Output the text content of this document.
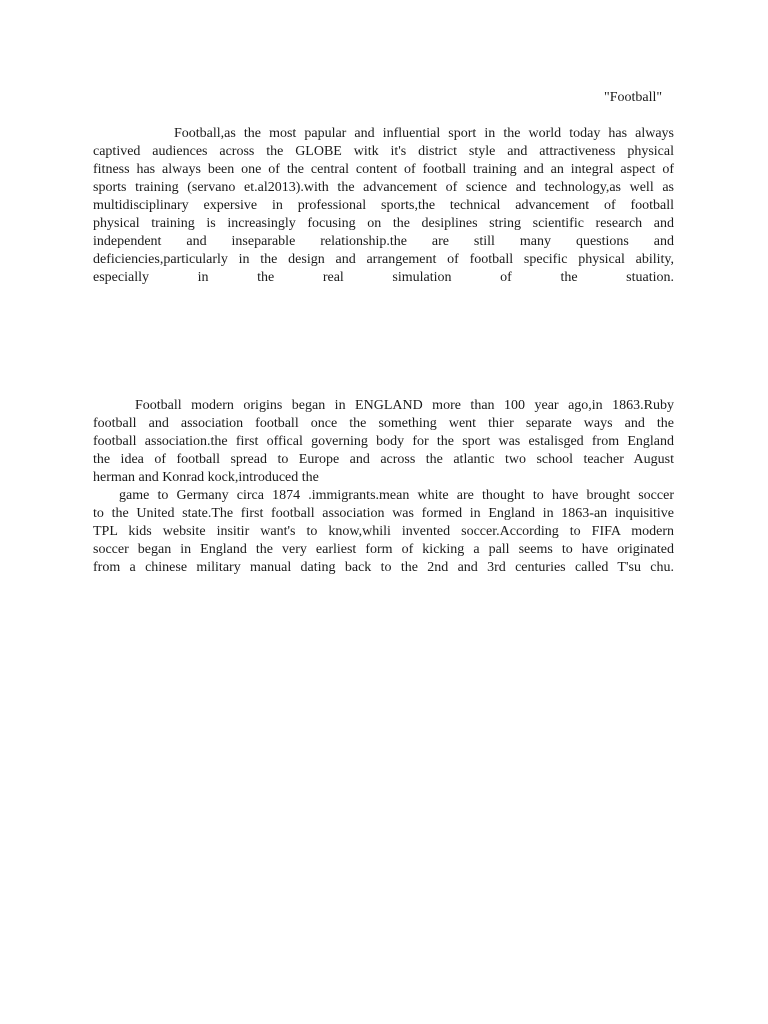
"Football"
Football,as the most papular and influential sport in the world today has always
captived audiences across the GLOBE witk it's district style and attractiveness physical
fitness has always been one of the central content of football training and an integral aspect of
sports training (servano et.al2013).with the advancement of science and technology,as well as
multidisciplinary expersive in professional sports,the technical advancement of football
physical training is increasingly focusing on the desiplines string scientific research and
independent and inseparable relationship.the are still many questions and
deficiencies,particularly in the design and arrangement of football specific physical ability,
especially in the real simulation of the stuation.
Football modern origins began in ENGLAND more than 100 year ago,in 1863.Ruby
football and association football once the something went thier separate ways and the
football association.the first offical governing body for the sport was estalisged from England
the idea of football spread to Europe and across the atlantic two school teacher August
herman and Konrad kock,introduced the
game to Germany circa 1874 .immigrants.mean white are thought to have brought soccer
to the United state.The first football association was formed in England in 1863-an inquisitive
TPL kids website insitir want's to know,whili invented soccer.According to FIFA modern
soccer began in England the very earliest form of kicking a pall seems to have originated
from a chinese military manual dating back to the 2nd and 3rd centuries called T'su chu.
